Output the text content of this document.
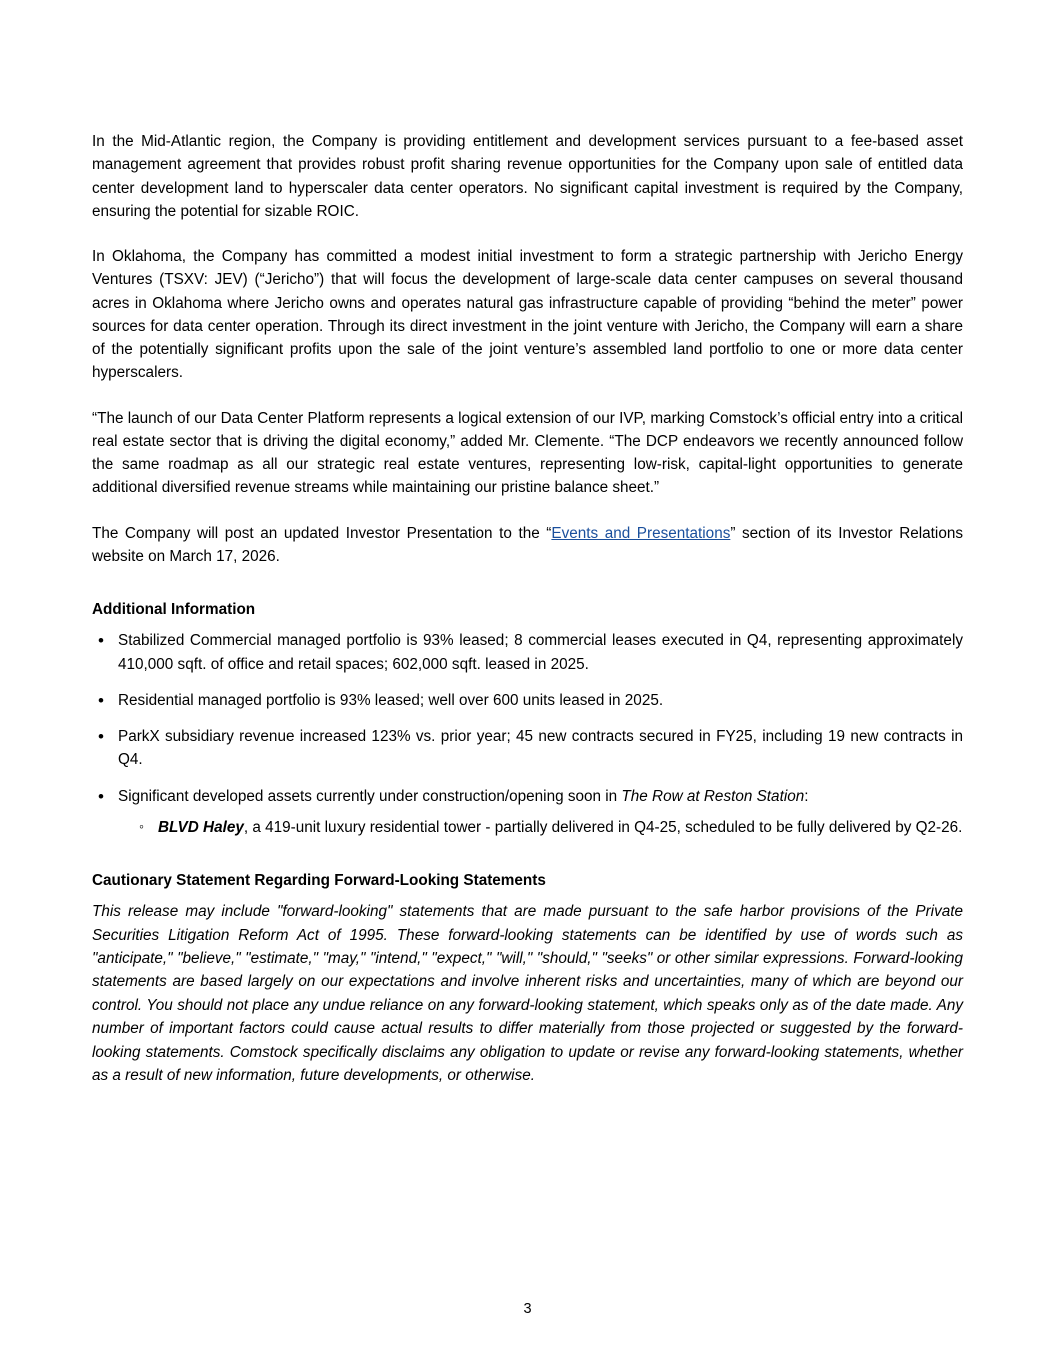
In the Mid-Atlantic region, the Company is providing entitlement and development services pursuant to a fee-based asset management agreement that provides robust profit sharing revenue opportunities for the Company upon sale of entitled data center development land to hyperscaler data center operators. No significant capital investment is required by the Company, ensuring the potential for sizable ROIC.

In Oklahoma, the Company has committed a modest initial investment to form a strategic partnership with Jericho Energy Ventures (TSXV: JEV) (“Jericho”) that will focus the development of large-scale data center campuses on several thousand acres in Oklahoma where Jericho owns and operates natural gas infrastructure capable of providing “behind the meter” power sources for data center operation. Through its direct investment in the joint venture with Jericho, the Company will earn a share of the potentially significant profits upon the sale of the joint venture’s assembled land portfolio to one or more data center hyperscalers.

“The launch of our Data Center Platform represents a logical extension of our IVP, marking Comstock’s official entry into a critical real estate sector that is driving the digital economy,” added Mr. Clemente. “The DCP endeavors we recently announced follow the same roadmap as all our strategic real estate ventures, representing low-risk, capital-light opportunities to generate additional diversified revenue streams while maintaining our pristine balance sheet.”

The Company will post an updated Investor Presentation to the “Events and Presentations” section of its Investor Relations website on March 17, 2026.

Additional Information
• Stabilized Commercial managed portfolio is 93% leased; 8 commercial leases executed in Q4, representing approximately 410,000 sqft. of office and retail spaces; 602,000 sqft. leased in 2025.
• Residential managed portfolio is 93% leased; well over 600 units leased in 2025.
• ParkX subsidiary revenue increased 123% vs. prior year; 45 new contracts secured in FY25, including 19 new contracts in Q4.
• Significant developed assets currently under construction/opening soon in The Row at Reston Station:
◦ BLVD Haley, a 419-unit luxury residential tower - partially delivered in Q4-25, scheduled to be fully delivered by Q2-26.
Cautionary Statement Regarding Forward-Looking Statements

This release may include "forward-looking" statements that are made pursuant to the safe harbor provisions of the Private Securities Litigation Reform Act of 1995. These forward-looking statements can be identified by use of words such as "anticipate," "believe," "estimate," "may," "intend," "expect," "will," "should," "seeks" or other similar expressions. Forward-looking statements are based largely on our expectations and involve inherent risks and uncertainties, many of which are beyond our control. You should not place any undue reliance on any forward-looking statement, which speaks only as of the date made. Any number of important factors could cause actual results to differ materially from those projected or suggested by the forward-looking statements. Comstock specifically disclaims any obligation to update or revise any forward-looking statements, whether as a result of new information, future developments, or otherwise.

3
